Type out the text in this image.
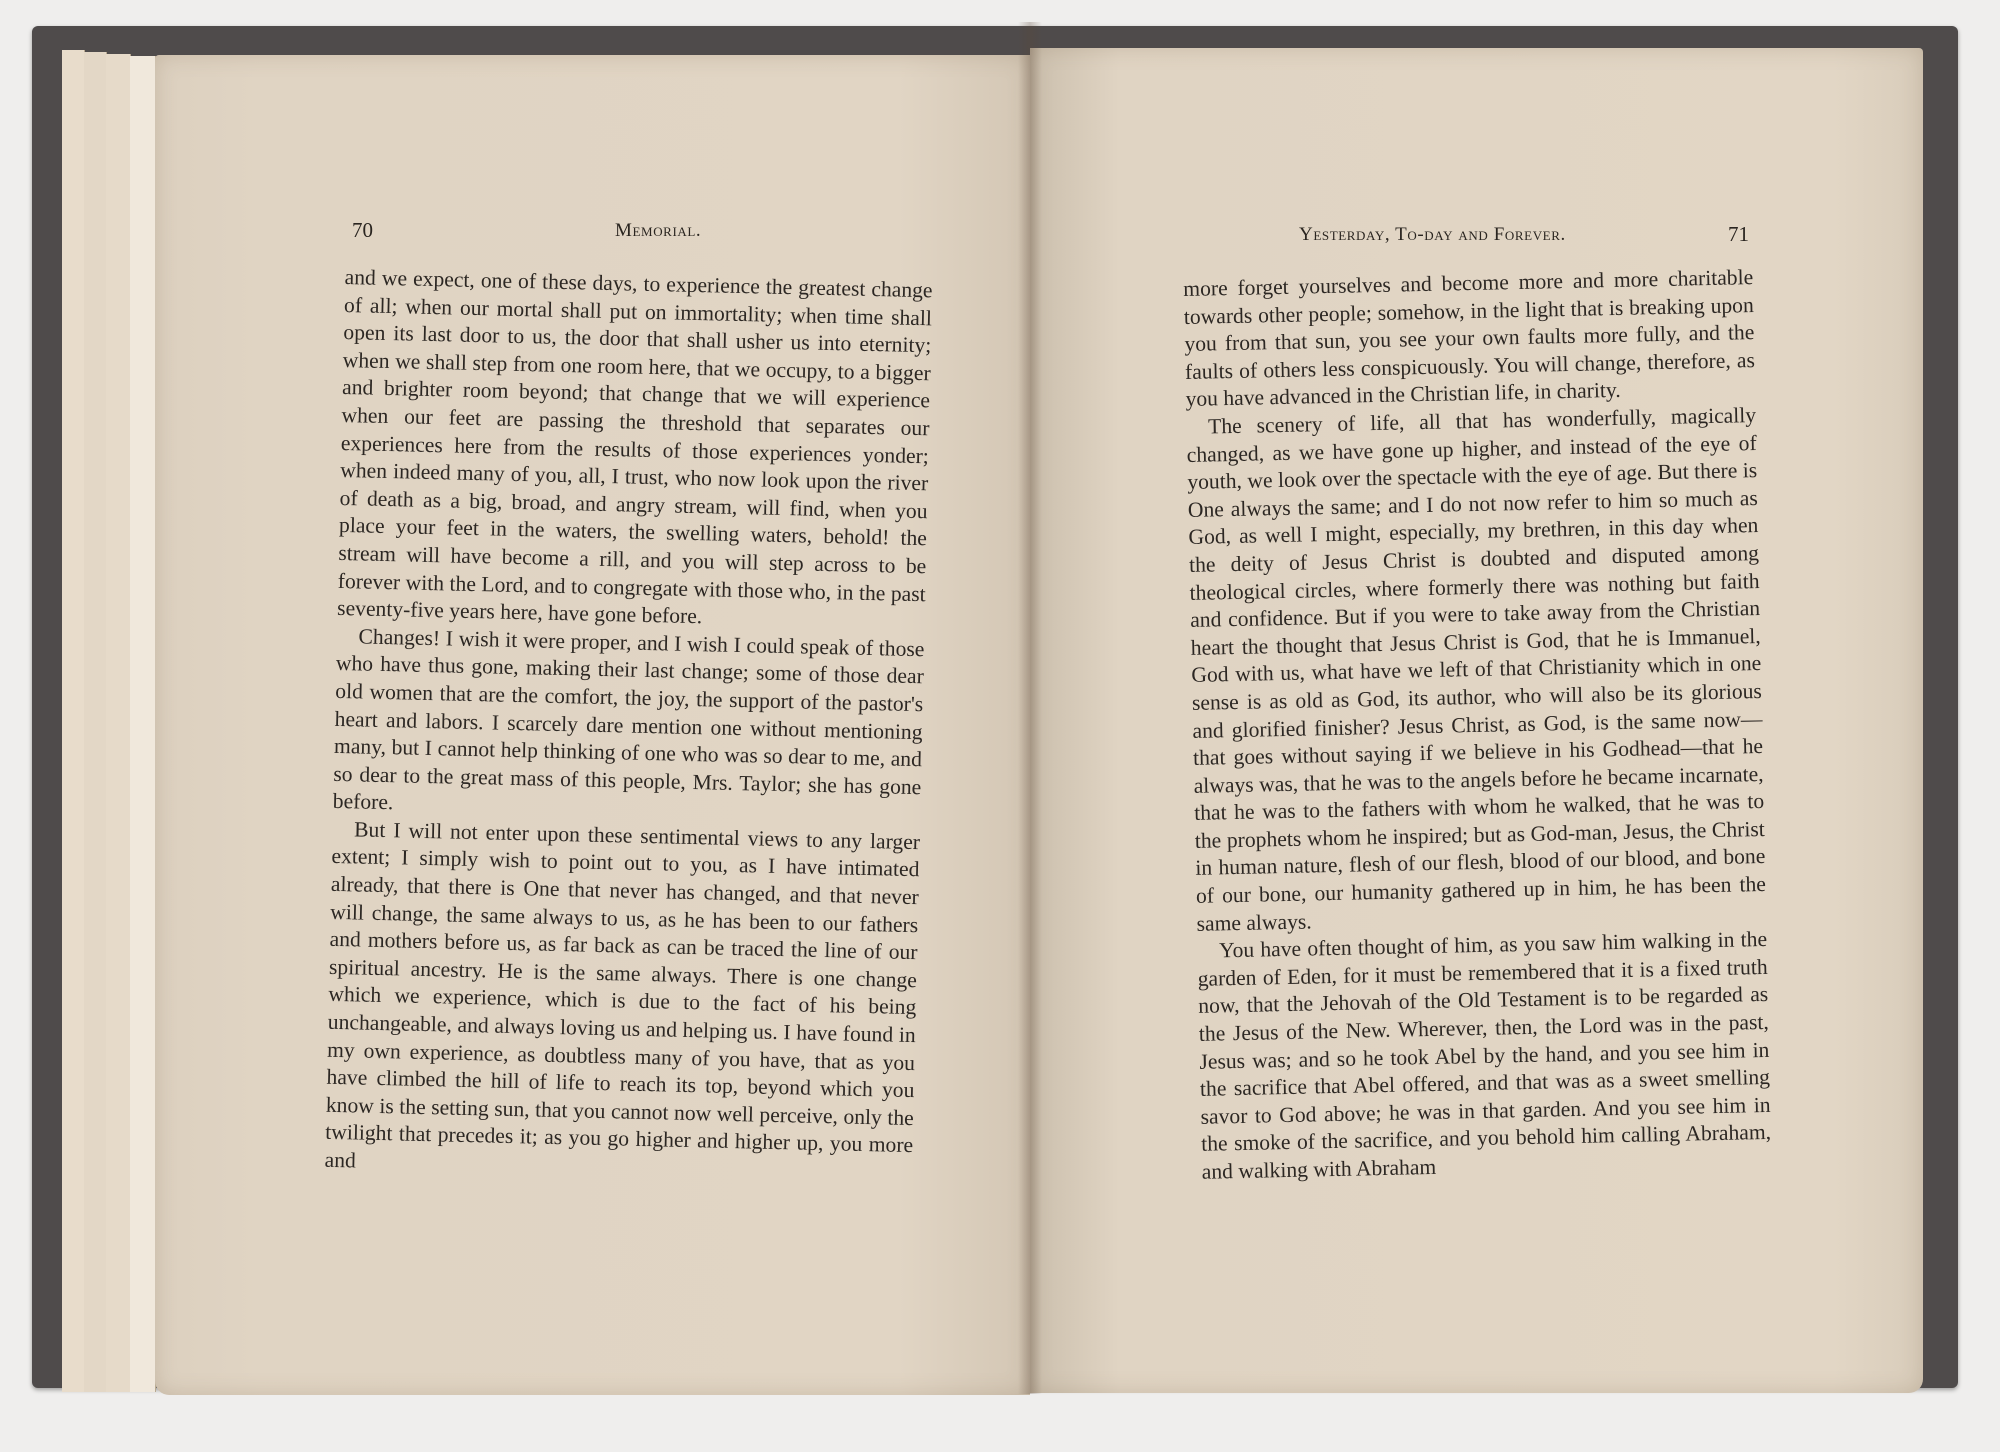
70	Memorial.	Yesterday, To-day and Forever.	71

and we expect, one of these days, to experience the greatest change of all; when our mortal shall put on immortality; when time shall open its last door to us, the door that shall usher us into eternity; when we shall step from one room here, that we occupy, to a bigger and brighter room beyond; that change that we will experience when our feet are passing the threshold that separates our experiences here from the results of those experiences yonder; when indeed many of you, all, I trust, who now look upon the river of death as a big, broad, and angry stream, will find, when you place your feet in the waters, the swelling waters, behold! the stream will have become a rill, and you will step across to be forever with the Lord, and to congregate with those who, in the past seventy-five years here, have gone before.

Changes! I wish it were proper, and I wish I could speak of those who have thus gone, making their last change; some of those dear old women that are the comfort, the joy, the support of the pastor's heart and labors. I scarcely dare mention one without mentioning many, but I cannot help thinking of one who was so dear to me, and so dear to the great mass of this people, Mrs. Taylor; she has gone before.

But I will not enter upon these sentimental views to any larger extent; I simply wish to point out to you, as I have intimated already, that there is One that never has changed, and that never will change, the same always to us, as he has been to our fathers and mothers before us, as far back as can be traced the line of our spiritual ancestry. He is the same always. There is one change which we experience, which is due to the fact of his being unchangeable, and always loving us and helping us. I have found in my own experience, as doubtless many of you have, that as you have climbed the hill of life to reach its top, beyond which you know is the setting sun, that you cannot now well perceive, only the twilight that precedes it; as you go higher and higher up, you more and

more forget yourselves and become more and more charitable towards other people; somehow, in the light that is breaking upon you from that sun, you see your own faults more fully, and the faults of others less conspicuously. You will change, therefore, as you have advanced in the Christian life, in charity.

The scenery of life, all that has wonderfully, magically changed, as we have gone up higher, and instead of the eye of youth, we look over the spectacle with the eye of age. But there is One always the same; and I do not now refer to him so much as God, as well I might, especially, my brethren, in this day when the deity of Jesus Christ is doubted and disputed among theological circles, where formerly there was nothing but faith and confidence. But if you were to take away from the Christian heart the thought that Jesus Christ is God, that he is Immanuel, God with us, what have we left of that Christianity which in one sense is as old as God, its author, who will also be its glorious and glorified finisher? Jesus Christ, as God, is the same now—that goes without saying if we believe in his Godhead—that he always was, that he was to the angels before he became incarnate, that he was to the fathers with whom he walked, that he was to the prophets whom he inspired; but as God-man, Jesus, the Christ in human nature, flesh of our flesh, blood of our blood, and bone of our bone, our humanity gathered up in him, he has been the same always.

You have often thought of him, as you saw him walking in the garden of Eden, for it must be remembered that it is a fixed truth now, that the Jehovah of the Old Testament is to be regarded as the Jesus of the New. Wherever, then, the Lord was in the past, Jesus was; and so he took Abel by the hand, and you see him in the sacrifice that Abel offered, and that was as a sweet smelling savor to God above; he was in that garden. And you see him in the smoke of the sacrifice, and you behold him calling Abraham, and walking with Abraham
